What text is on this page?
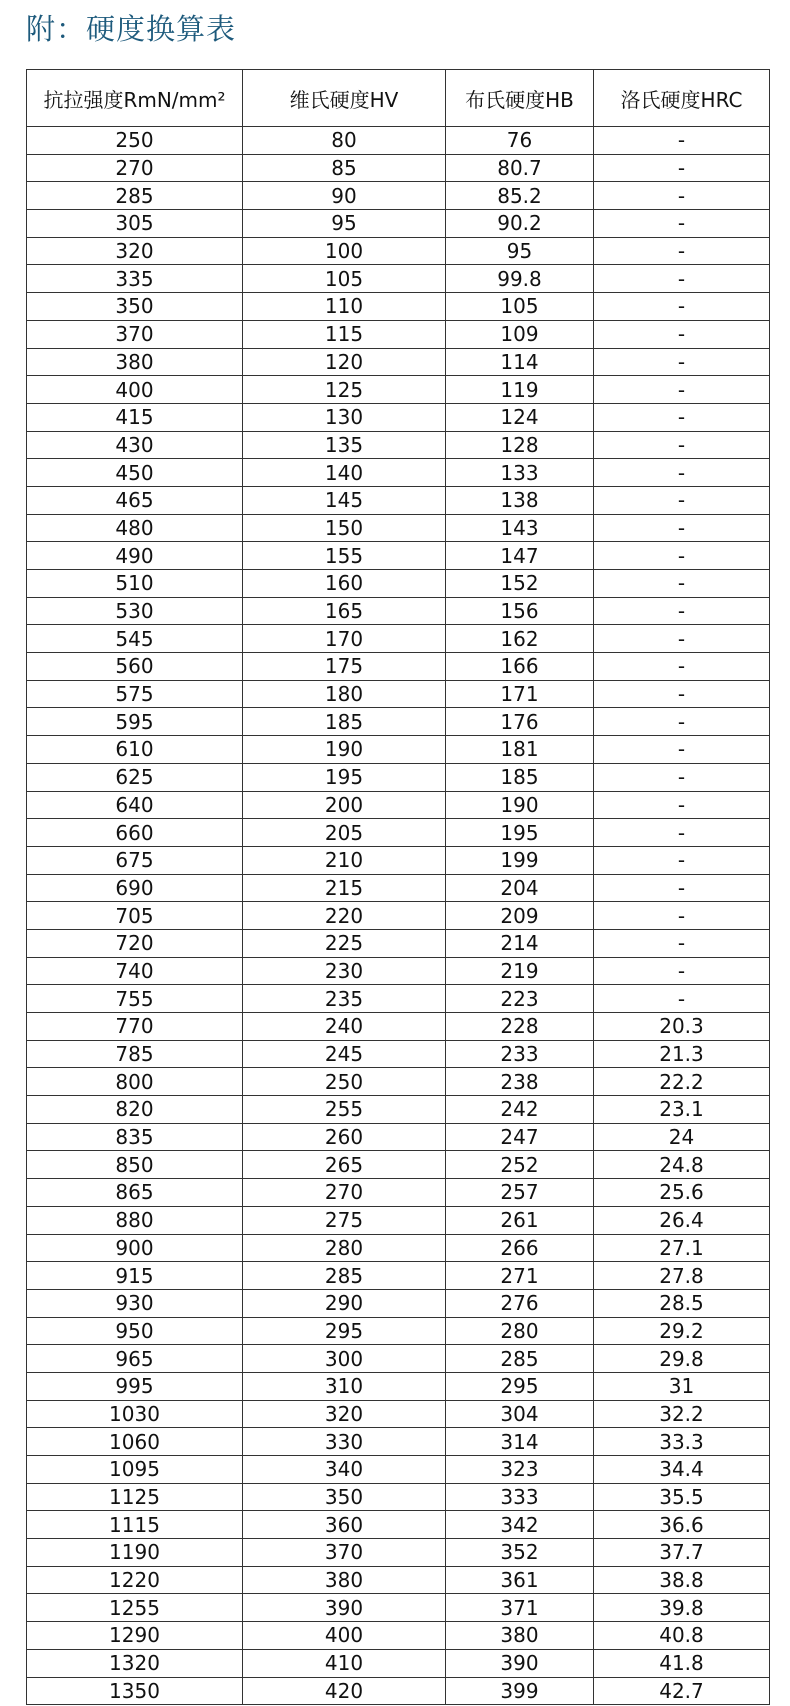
附：硬度换算表
抗拉强度RmN/mm²	维氏硬度HV	布氏硬度HB	洛氏硬度HRC
250	80	76	-
270	85	80.7	-
285	90	85.2	-
305	95	90.2	-
320	100	95	-
335	105	99.8	-
350	110	105	-
370	115	109	-
380	120	114	-
400	125	119	-
415	130	124	-
430	135	128	-
450	140	133	-
465	145	138	-
480	150	143	-
490	155	147	-
510	160	152	-
530	165	156	-
545	170	162	-
560	175	166	-
575	180	171	-
595	185	176	-
610	190	181	-
625	195	185	-
640	200	190	-
660	205	195	-
675	210	199	-
690	215	204	-
705	220	209	-
720	225	214	-
740	230	219	-
755	235	223	-
770	240	228	20.3
785	245	233	21.3
800	250	238	22.2
820	255	242	23.1
835	260	247	24
850	265	252	24.8
865	270	257	25.6
880	275	261	26.4
900	280	266	27.1
915	285	271	27.8
930	290	276	28.5
950	295	280	29.2
965	300	285	29.8
995	310	295	31
1030	320	304	32.2
1060	330	314	33.3
1095	340	323	34.4
1125	350	333	35.5
1115	360	342	36.6
1190	370	352	37.7
1220	380	361	38.8
1255	390	371	39.8
1290	400	380	40.8
1320	410	390	41.8
1350	420	399	42.7
